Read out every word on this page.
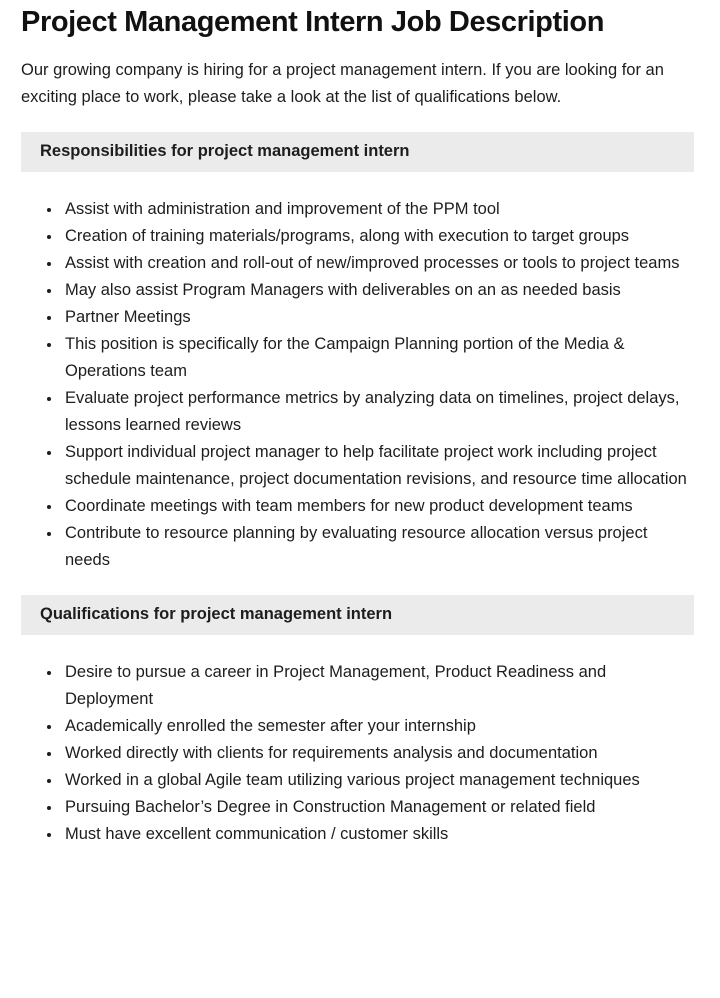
Project Management Intern Job Description

Our growing company is hiring for a project management intern. If you are looking for an exciting place to work, please take a look at the list of qualifications below.

Responsibilities for project management intern
• Assist with administration and improvement of the PPM tool
• Creation of training materials/programs, along with execution to target groups
• Assist with creation and roll-out of new/improved processes or tools to project teams
• May also assist Program Managers with deliverables on an as needed basis
• Partner Meetings
• This position is specifically for the Campaign Planning portion of the Media & Operations team
• Evaluate project performance metrics by analyzing data on timelines, project delays, lessons learned reviews
• Support individual project manager to help facilitate project work including project schedule maintenance, project documentation revisions, and resource time allocation
• Coordinate meetings with team members for new product development teams
• Contribute to resource planning by evaluating resource allocation versus project needs
Qualifications for project management intern
• Desire to pursue a career in Project Management, Product Readiness and Deployment
• Academically enrolled the semester after your internship
• Worked directly with clients for requirements analysis and documentation
• Worked in a global Agile team utilizing various project management techniques
• Pursuing Bachelor’s Degree in Construction Management or related field
• Must have excellent communication / customer skills
